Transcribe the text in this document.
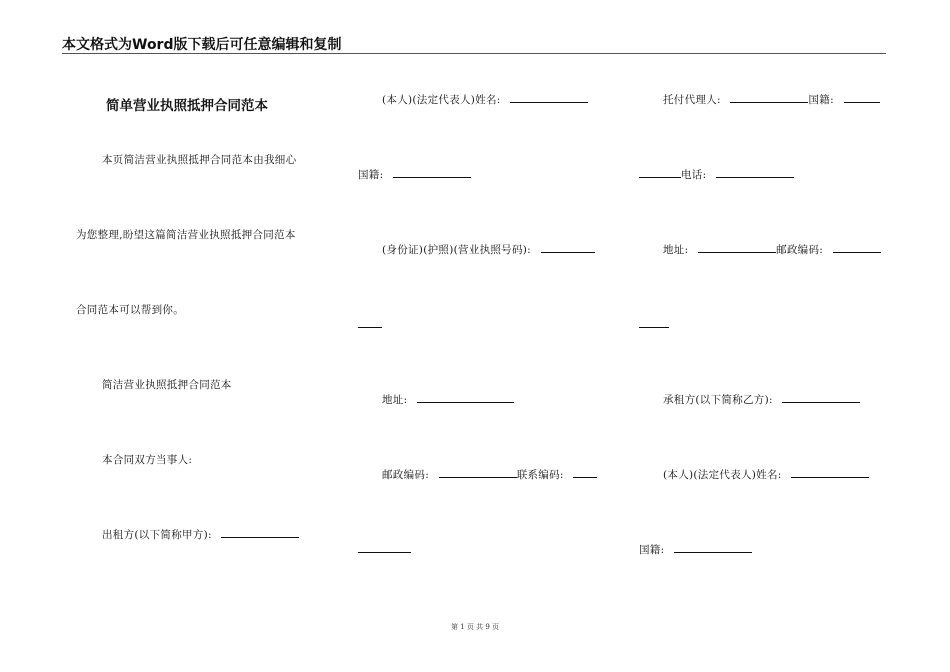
本文格式为Word版下载后可任意编辑和复制
简单营业执照抵押合同范本
本页简洁营业执照抵押合同范本由我细心
为您整理,盼望这篇简洁营业执照抵押合同范本
合同范本可以帮到你。
简洁营业执照抵押合同范本
本合同双方当事人:
出租方(以下简称甲方):
(本人)(法定代表人)姓名:
国籍:
(身份证)(护照)(营业执照号码):
地址:
邮政编码:	联系编码:
托付代理人:	国籍:
电话:
地址:	邮政编码:
承租方(以下简称乙方):
(本人)(法定代表人)姓名:
国籍:
第 1 页 共 9 页
